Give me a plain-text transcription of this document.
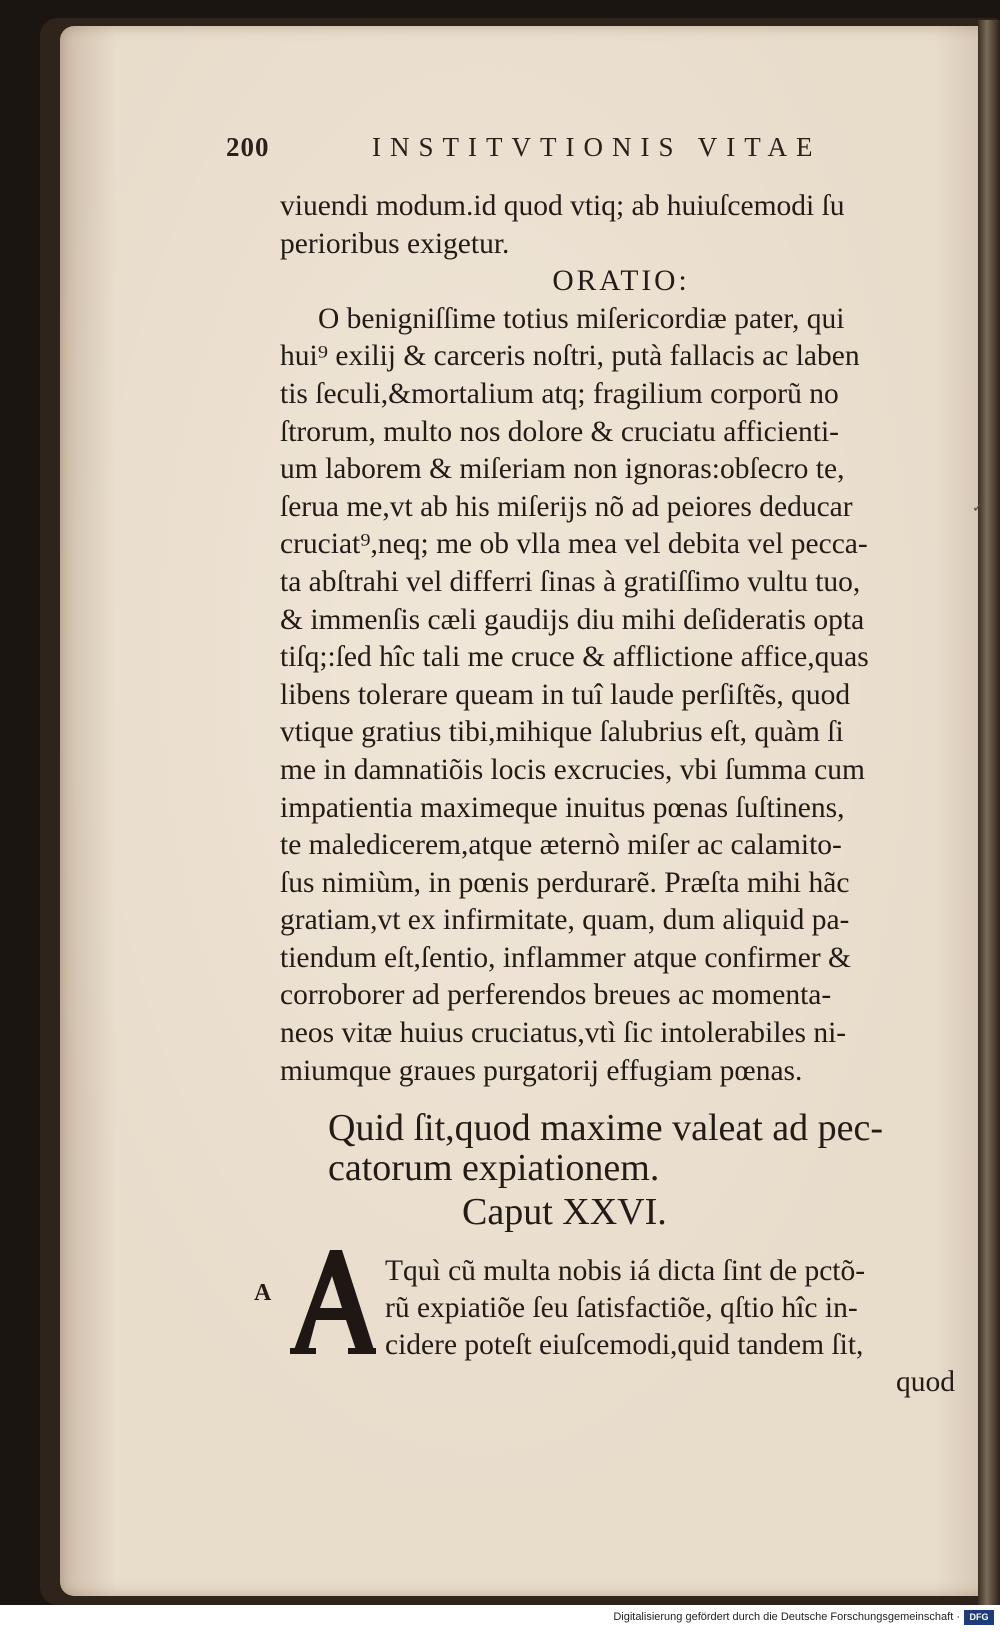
200	INSTITVTIONIS VITAE
viuendi modum.id quod vtiq; ab huiuſcemodi ſu
perioribus exigetur.
ORATIO:
O benigniſſime totius miſericordiæ pater, qui
hui⁹ exilij & carceris noſtri, putà fallacis ac laben
tis ſeculi,&mortalium atq; fragilium corporũ no
ſtrorum, multo nos dolore & cruciatu afficienti-
um laborem & miſeriam non ignoras:obſecro te,
ſerua me,vt ab his miſerijs nõ ad peiores deducar
cruciat⁹,neq; me ob vlla mea vel debita vel pecca-
ta abſtrahi vel differri ſinas à gratiſſimo vultu tuo,
& immenſis cæli gaudijs diu mihi deſideratis opta
tiſq;:ſed hîc tali me cruce & afflictione affice,quas
libens tolerare queam in tuî laude perſiſtẽs, quod
vtique gratius tibi,mihique ſalubrius eſt, quàm ſi
me in damnatiõis locis excrucies, vbi ſumma cum
impatientia maximeque inuitus pœnas ſuſtinens,
te maledicerem,atque æternò miſer ac calamito-
ſus nimiùm, in pœnis perdurarẽ. Præſta mihi hãc
gratiam,vt ex infirmitate, quam, dum aliquid pa-
tiendum eſt,ſentio, inflammer atque confirmer &
corroborer ad perferendos breues ac momenta-
neos vitæ huius cruciatus,vtì ſic intolerabiles ni-
miumque graues purgatorij effugiam pœnas.
Quid ſit,quod maxime valeat ad pec-
catorum expiationem.
Caput XXVI.
A
Tquì cũ multa nobis iá dicta ſint de pctõ-
rũ expiatiõe ſeu ſatisfactiõe, qſtio hîc in-
cidere poteſt eiuſcemodi,quid tandem ſit,
quod
✓
Digitalisierung gefördert durch die Deutsche Forschungsgemeinschaft ·	DFG
